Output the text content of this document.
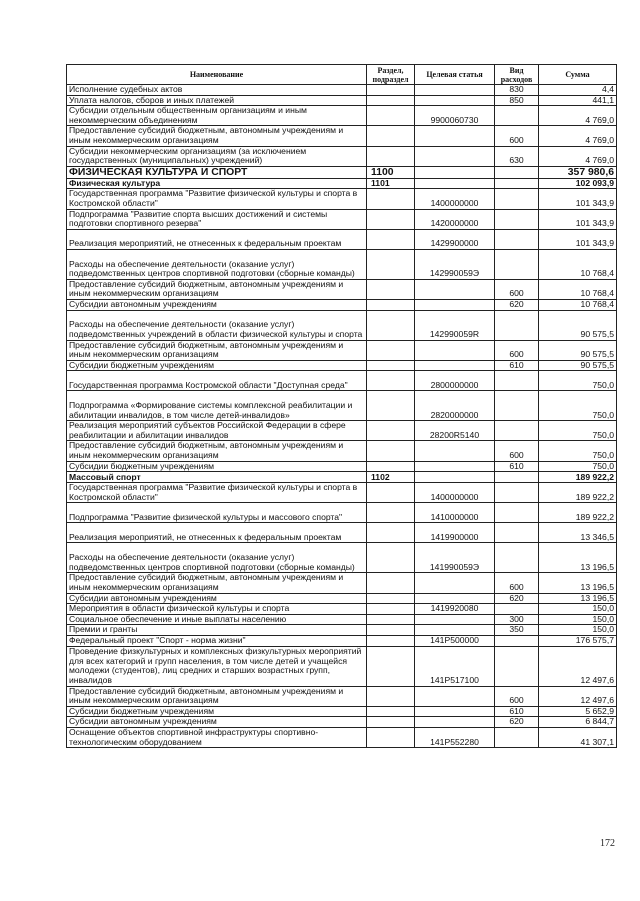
Наименование	Раздел, подраздел	Целевая статья	Вид расходов	Сумма
Исполнение судебных актов			830	4,4
Уплата налогов, сборов и иных платежей			850	441,1
Субсидии отдельным общественным организациям и иным некоммерческим объединениям		9900060730		4 769,0
Предоставление субсидий бюджетным, автономным учреждениям и иным некоммерческим организациям			600	4 769,0
Субсидии некоммерческим организациям (за исключением государственных (муниципальных) учреждений)			630	4 769,0
ФИЗИЧЕСКАЯ КУЛЬТУРА И СПОРТ	1100			357 980,6
Физическая культура	1101			102 093,9
Государственная программа "Развитие физической культуры и спорта в Костромской области"		1400000000		101 343,9
Подпрограмма "Развитие спорта высших достижений и системы подготовки спортивного резерва"		1420000000		101 343,9
Реализация мероприятий, не отнесенных к федеральным проектам		1429900000		101 343,9
Расходы на обеспечение деятельности (оказание услуг) подведомственных центров спортивной подготовки (сборные команды)		142990059Э		10 768,4
Предоставление субсидий бюджетным, автономным учреждениям и иным некоммерческим организациям			600	10 768,4
Субсидии автономным учреждениям			620	10 768,4
Расходы на обеспечение деятельности (оказание услуг) подведомственных учреждений в области физической культуры и спорта		142990059R		90 575,5
Предоставление субсидий бюджетным, автономным учреждениям и иным некоммерческим организациям			600	90 575,5
Субсидии бюджетным учреждениям			610	90 575,5
Государственная программа Костромской области "Доступная среда"		2800000000		750,0
Подпрограмма «Формирование системы комплексной реабилитации и абилитации инвалидов, в том числе детей-инвалидов»		2820000000		750,0
Реализация мероприятий субъектов Российской Федерации в сфере реабилитации и абилитации инвалидов		28200R5140		750,0
Предоставление субсидий бюджетным, автономным учреждениям и иным некоммерческим организациям			600	750,0
Субсидии бюджетным учреждениям			610	750,0
Массовый спорт	1102			189 922,2
Государственная программа "Развитие физической культуры и спорта в Костромской области"		1400000000		189 922,2
Подпрограмма "Развитие физической культуры и массового спорта"		1410000000		189 922,2
Реализация мероприятий, не отнесенных к федеральным проектам		1419900000		13 346,5
Расходы на обеспечение деятельности (оказание услуг) подведомственных центров спортивной подготовки (сборные команды)		141990059Э		13 196,5
Предоставление субсидий бюджетным, автономным учреждениям и иным некоммерческим организациям			600	13 196,5
Субсидии автономным учреждениям			620	13 196,5
Мероприятия в области физической культуры и спорта		1419920080		150,0
Социальное обеспечение и иные выплаты населению			300	150,0
Премии и гранты			350	150,0
Федеральный проект "Спорт - норма жизни"		141P500000		176 575,7
Проведение физкультурных и комплексных физкультурных мероприятий для всех категорий и групп населения, в том числе детей и учащейся молодежи (студентов), лиц средних и старших возрастных групп, инвалидов		141P517100		12 497,6
Предоставление субсидий бюджетным, автономным учреждениям и иным некоммерческим организациям			600	12 497,6
Субсидии бюджетным учреждениям			610	5 652,9
Субсидии автономным учреждениям			620	6 844,7
Оснащение объектов спортивной инфраструктуры спортивно-технологическим оборудованием		141P552280		41 307,1
172
